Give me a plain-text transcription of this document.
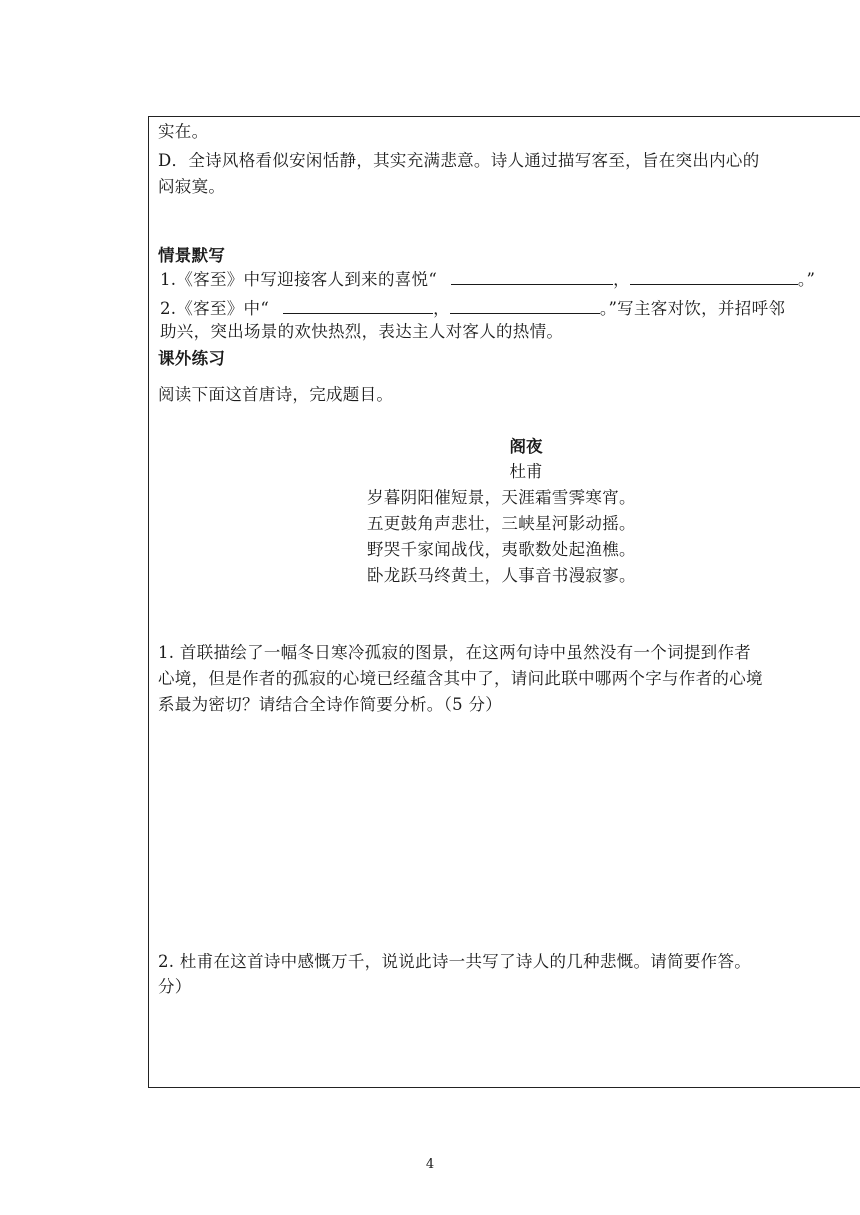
实在。
D．全诗风格看似安闲恬静，其实充满悲意。诗人通过描写客至，旨在突出内心的
闷寂寞。
情景默写
1.《客至》中写迎接客人到来的喜悦“	，	。”
2.《客至》中“	，	。”写主客对饮，并招呼邻
助兴，突出场景的欢快热烈，表达主人对客人的热情。
课外练习
阅读下面这首唐诗，完成题目。
阁夜
杜甫
岁暮阴阳催短景，天涯霜雪霁寒宵。
五更鼓角声悲壮，三峡星河影动摇。
野哭千家闻战伐，夷歌数处起渔樵。
卧龙跃马终黄土，人事音书漫寂寥。
1. 首联描绘了一幅冬日寒冷孤寂的图景，在这两句诗中虽然没有一个词提到作者
心境，但是作者的孤寂的心境已经蕴含其中了，请问此联中哪两个字与作者的心境
系最为密切？请结合全诗作简要分析。（5 分）
2. 杜甫在这首诗中感慨万千，说说此诗一共写了诗人的几种悲慨。请简要作答。
分）
4
